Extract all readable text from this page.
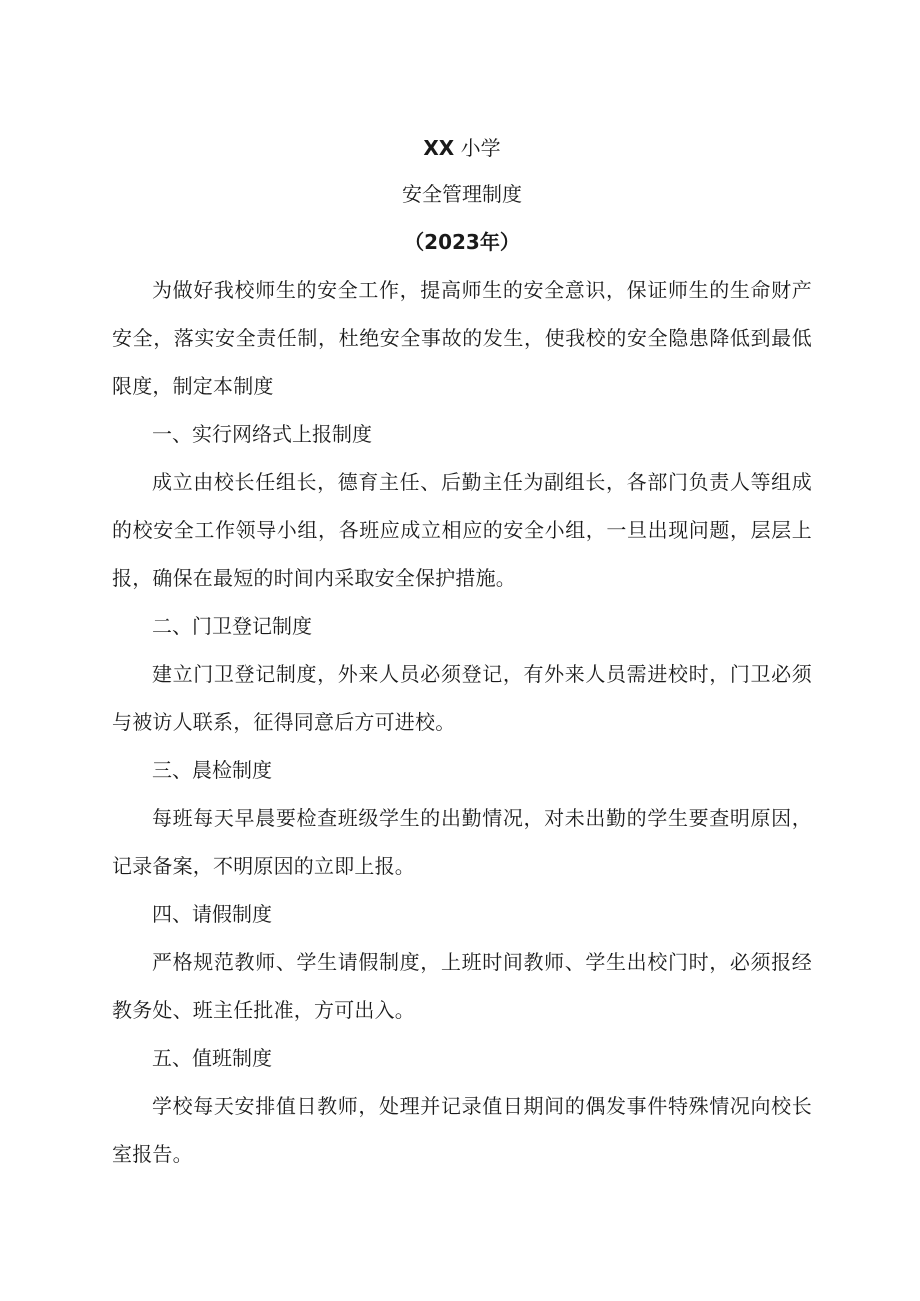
XX 小学
安全管理制度
（2023年）

为做好我校师生的安全工作，提高师生的安全意识，保证师生的生命财产安全，落实安全责任制，杜绝安全事故的发生，使我校的安全隐患降低到最低限度，制定本制度

一、实行网络式上报制度

成立由校长任组长，德育主任、后勤主任为副组长，各部门负责人等组成的校安全工作领导小组，各班应成立相应的安全小组，一旦出现问题，层层上报，确保在最短的时间内采取安全保护措施。

二、门卫登记制度

建立门卫登记制度，外来人员必须登记，有外来人员需进校时，门卫必须与被访人联系，征得同意后方可进校。

三、晨检制度

每班每天早晨要检查班级学生的出勤情况，对未出勤的学生要查明原因，记录备案，不明原因的立即上报。

四、请假制度

严格规范教师、学生请假制度，上班时间教师、学生出校门时，必须报经教务处、班主任批准，方可出入。

五、值班制度

学校每天安排值日教师，处理并记录值日期间的偶发事件特殊情况向校长室报告。
